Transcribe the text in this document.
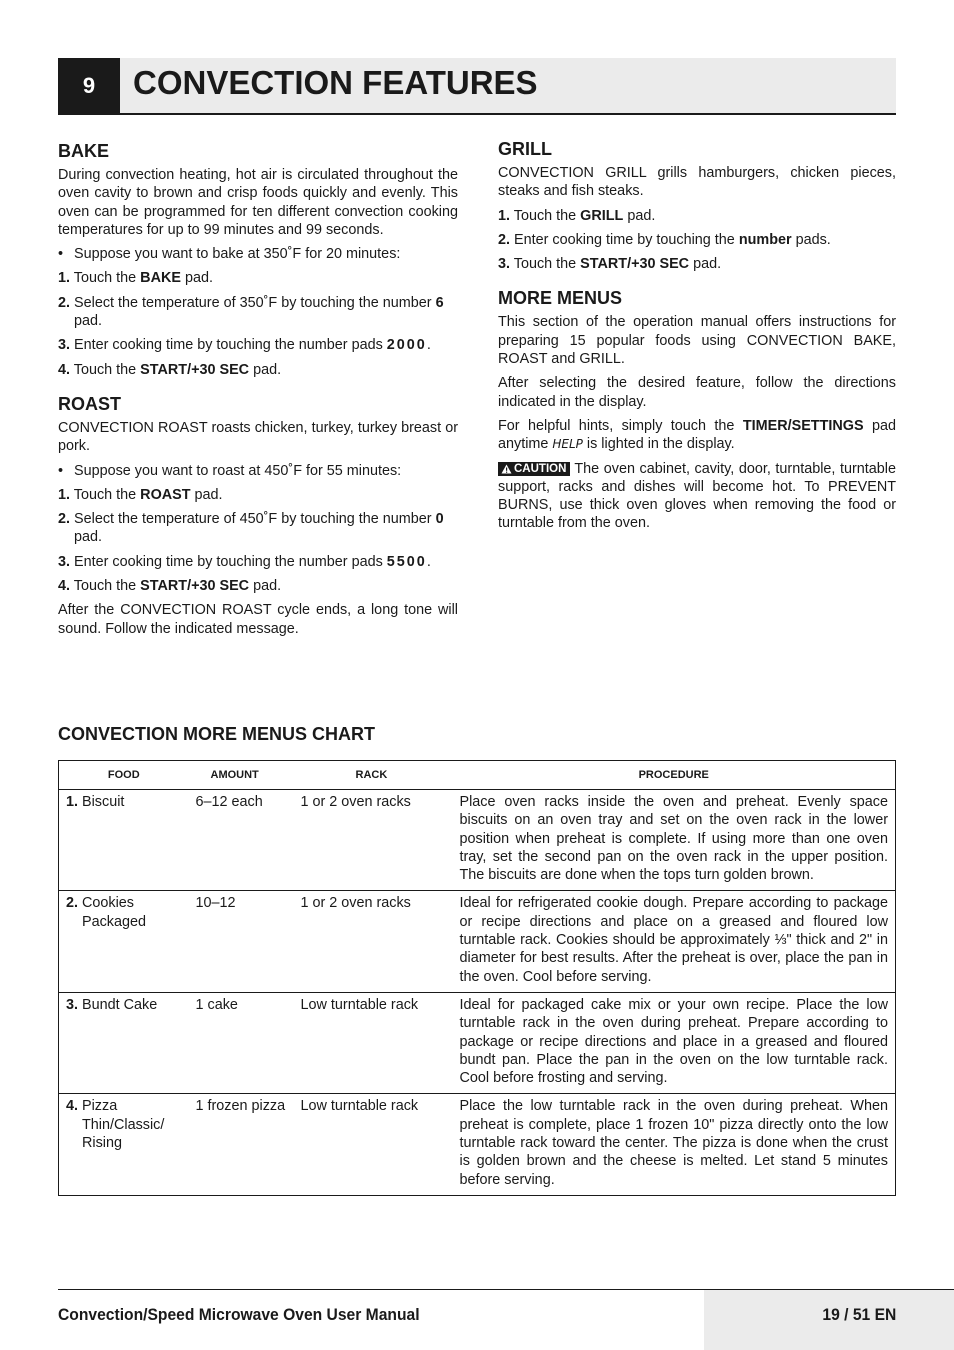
9	CONVECTION FEATURES
BAKE

During convection heating, hot air is circulated throughout the oven cavity to brown and crisp foods quickly and evenly. This oven can be programmed for ten different convection cooking temperatures for up to 99 minutes and 99 seconds.

• Suppose you want to bake at 350˚F for 20 minutes:
1. Touch the BAKE pad.
2. Select the temperature of 350˚F by touching the number 6 pad.
3. Enter cooking time by touching the number pads 2000.
4. Touch the START/+30 SEC pad.
ROAST

CONVECTION ROAST roasts chicken, turkey, turkey breast or pork.

• Suppose you want to roast at 450˚F for 55 minutes:
1. Touch the ROAST pad.
2. Select the temperature of 450˚F by touching the number 0 pad.
3. Enter cooking time by touching the number pads 5500.
4. Touch the START/+30 SEC pad.

After the CONVECTION ROAST cycle ends, a long tone will sound. Follow the indicated message.

GRILL

CONVECTION GRILL grills hamburgers, chicken pieces, steaks and fish steaks.

1. Touch the GRILL pad.
2. Enter cooking time by touching the number pads.
3. Touch the START/+30 SEC pad.
MORE MENUS

This section of the operation manual offers instructions for preparing 15 popular foods using CONVECTION BAKE, ROAST and GRILL.

After selecting the desired feature, follow the directions indicated in the display.

For helpful hints, simply touch the TIMER/SETTINGS pad anytime HELP is lighted in the display.

CAUTION The oven cabinet, cavity, door, turntable, turntable support, racks and dishes will become hot. To PREVENT BURNS, use thick oven gloves when removing the food or turntable from the oven.

CONVECTION MORE MENUS CHART
FOOD	AMOUNT	RACK	PROCEDURE
1. Biscuit	6–12 each	1 or 2 oven racks	Place oven racks inside the oven and preheat. Evenly space biscuits on an oven tray and set on the oven rack in the lower position when preheat is complete. If using more than one oven tray, set the second pan on the oven rack in the upper position. The biscuits are done when the tops turn golden brown.
2. Cookies Packaged	10–12	1 or 2 oven racks	Ideal for refrigerated cookie dough. Prepare according to package or recipe directions and place on a greased and floured low turntable rack. Cookies should be approximately ⅓" thick and 2" in diameter for best results. After the preheat is over, place the pan in the oven. Cool before serving.
3. Bundt Cake	1 cake	Low turntable rack	Ideal for packaged cake mix or your own recipe. Place the low turntable rack in the oven during preheat. Prepare according to package or recipe directions and place in a greased and floured bundt pan. Place the pan in the oven on the low turntable rack. Cool before frosting and serving.
4. Pizza Thin/Classic/ Rising	1 frozen pizza	Low turntable rack	Place the low turntable rack in the oven during preheat. When preheat is complete, place 1 frozen 10" pizza directly onto the low turntable rack toward the center. The pizza is done when the crust is golden brown and the cheese is melted. Let stand 5 minutes before serving.
Convection/Speed Microwave Oven User Manual	19 / 51 EN
